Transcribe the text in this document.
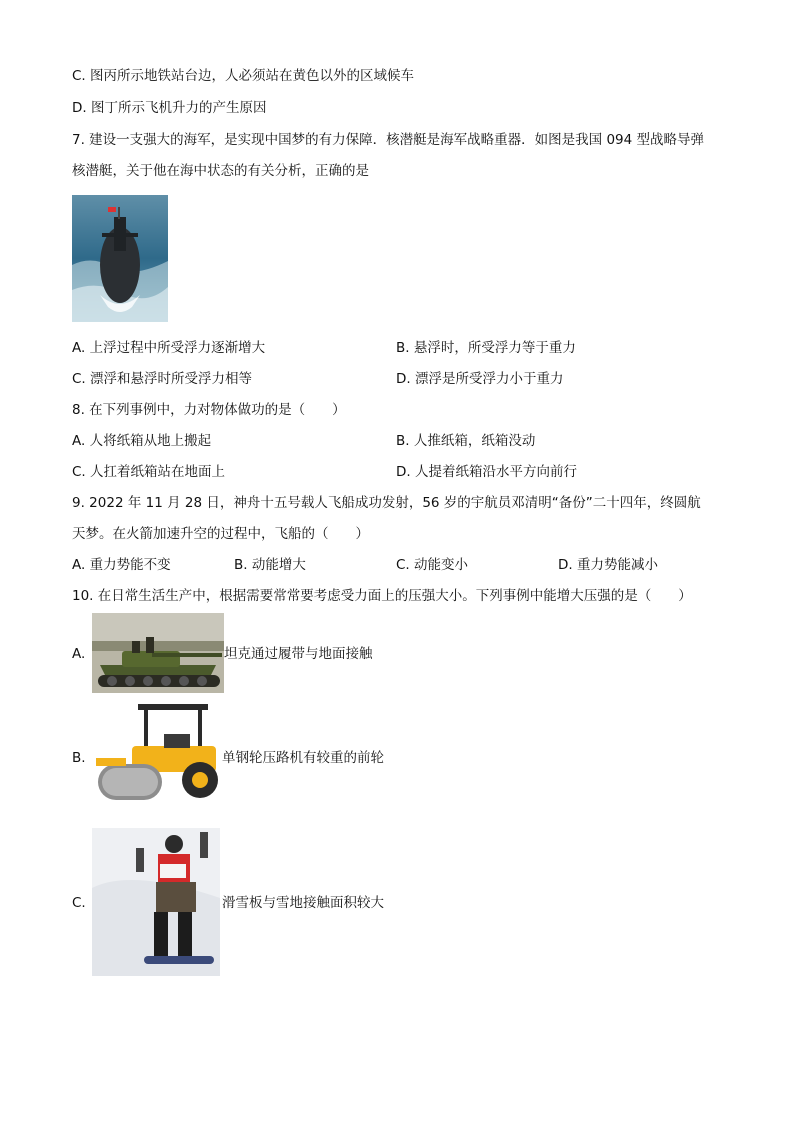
C. 图丙所示地铁站台边，人必须站在黄色以外的区域候车
D. 图丁所示飞机升力的产生原因
7. 建设一支强大的海军，是实现中国梦的有力保障．核潜艇是海军战略重器．如图是我国 094 型战略导弹
核潜艇，关于他在海中状态的有关分析，正确的是
A. 上浮过程中所受浮力逐渐增大	B. 悬浮时，所受浮力等于重力
C. 漂浮和悬浮时所受浮力相等	D. 漂浮是所受浮力小于重力
8. 在下列事例中，力对物体做功的是（　　）
A. 人将纸箱从地上搬起	B. 人推纸箱，纸箱没动
C. 人扛着纸箱站在地面上	D. 人提着纸箱沿水平方向前行
9. 2022 年 11 月 28 日，神舟十五号载人飞船成功发射，56 岁的宇航员邓清明“备份”二十四年，终圆航
天梦。在火箭加速升空的过程中，飞船的（　　）
A. 重力势能不变	B. 动能增大	C. 动能变小	D. 重力势能减小
10. 在日常生活生产中，根据需要常常要考虑受力面上的压强大小。下列事例中能增大压强的是（　　）
A.	坦克通过履带与地面接触
B.	单钢轮压路机有较重的前轮
C.	滑雪板与雪地接触面积较大
